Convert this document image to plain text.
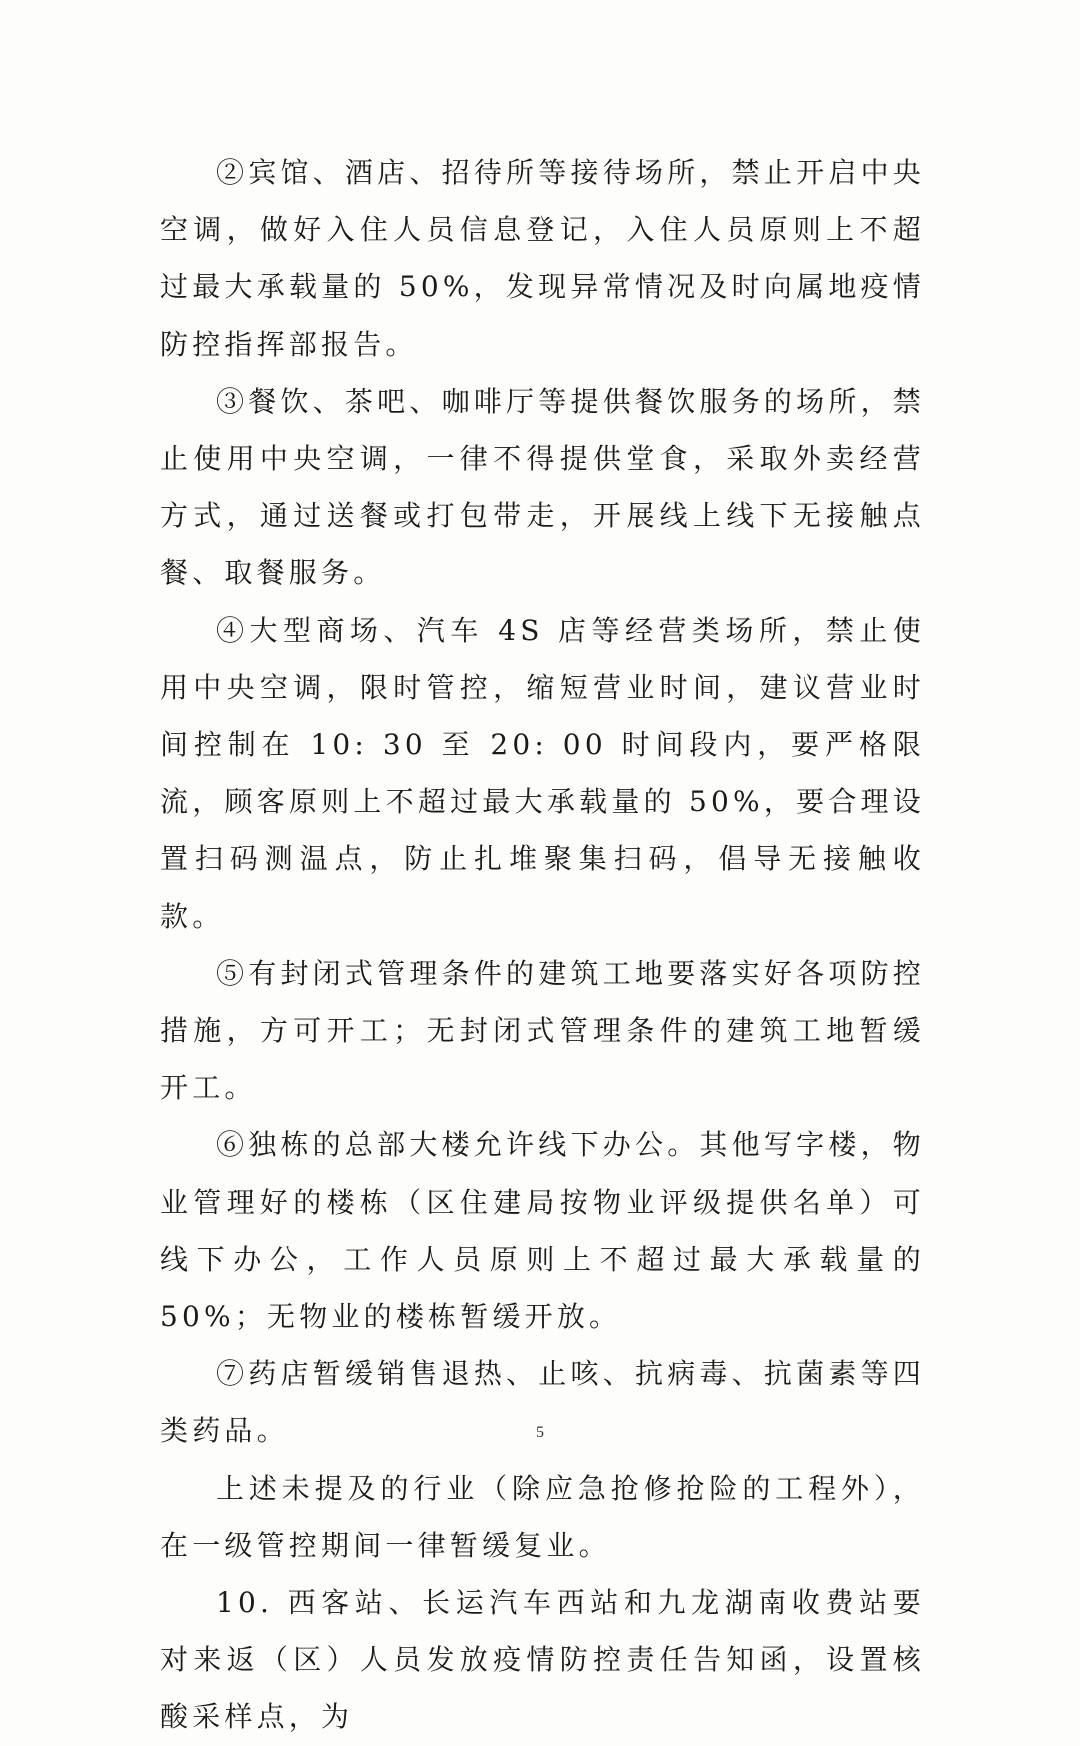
②宾馆、酒店、招待所等接待场所，禁止开启中央空调，做好入住人员信息登记，入住人员原则上不超过最大承载量的 50%，发现异常情况及时向属地疫情防控指挥部报告。

③餐饮、茶吧、咖啡厅等提供餐饮服务的场所，禁止使用中央空调，一律不得提供堂食，采取外卖经营方式，通过送餐或打包带走，开展线上线下无接触点餐、取餐服务。

④大型商场、汽车 4S 店等经营类场所，禁止使用中央空调，限时管控，缩短营业时间，建议营业时间控制在 10: 30 至 20: 00 时间段内，要严格限流，顾客原则上不超过最大承载量的 50%，要合理设置扫码测温点，防止扎堆聚集扫码，倡导无接触收款。

⑤有封闭式管理条件的建筑工地要落实好各项防控措施，方可开工；无封闭式管理条件的建筑工地暂缓开工。

⑥独栋的总部大楼允许线下办公。其他写字楼，物业管理好的楼栋（区住建局按物业评级提供名单）可线下办公，工作人员原则上不超过最大承载量的 50%；无物业的楼栋暂缓开放。

⑦药店暂缓销售退热、止咳、抗病毒、抗菌素等四类药品。

上述未提及的行业（除应急抢修抢险的工程外），在一级管控期间一律暂缓复业。

10. 西客站、长运汽车西站和九龙湖南收费站要对来返（区）人员发放疫情防控责任告知函，设置核酸采样点，为

5
